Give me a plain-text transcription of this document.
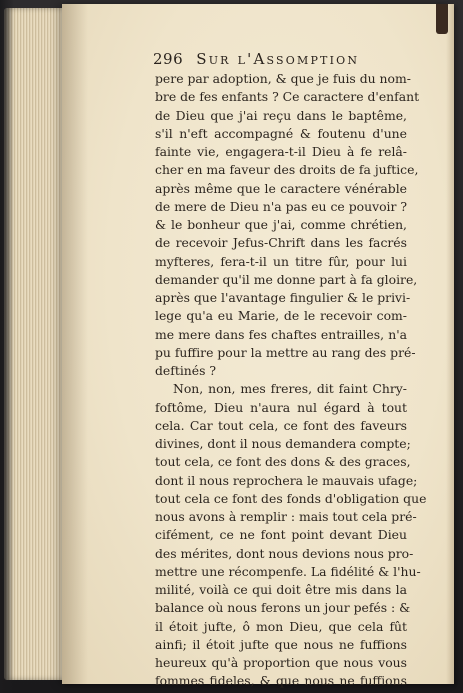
296 Sur l'Assomption
pere par adoption, & que je fuis du nom-
bre de fes enfants ? Ce caractere d'enfant
de Dieu que j'ai reçu dans le baptême,
s'il n'eft accompagné & foutenu d'une
fainte vie, engagera-t-il Dieu à fe relâ-
cher en ma faveur des droits de fa juftice,
après même que le caractere vénérable
de mere de Dieu n'a pas eu ce pouvoir ?
& le bonheur que j'ai, comme chrétien,
de recevoir Jefus-Chrift dans les facrés
myfteres, fera-t-il un titre fûr, pour lui
demander qu'il me donne part à fa gloire,
après que l'avantage fingulier & le privi-
lege qu'a eu Marie, de le recevoir com-
me mere dans fes chaftes entrailles, n'a
pu fuffire pour la mettre au rang des pré-
deftinés ?
Non, non, mes freres, dit faint Chry-
foftôme, Dieu n'aura nul égard à tout
cela. Car tout cela, ce font des faveurs
divines, dont il nous demandera compte;
tout cela, ce font des dons & des graces,
dont il nous reprochera le mauvais ufage;
tout cela ce font des fonds d'obligation que
nous avons à remplir : mais tout cela pré-
cifément, ce ne font point devant Dieu
des mérites, dont nous devions nous pro-
mettre une récompenfe. La fidélité & l'hu-
milité, voilà ce qui doit être mis dans la
balance où nous ferons un jour pefés : &
il étoit jufte, ô mon Dieu, que cela fût
ainfi; il étoit jufte que nous ne fuffions
heureux qu'à proportion que nous vous
fommes fideles, & que nous ne fuffions
